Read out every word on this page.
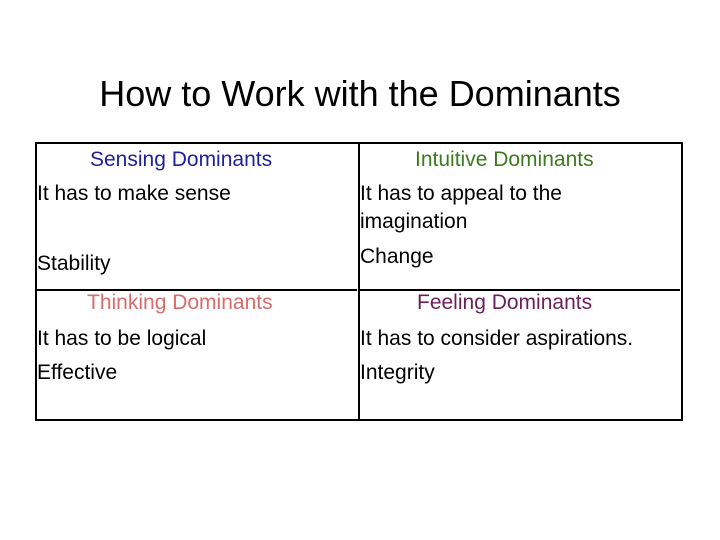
How to Work with the Dominants
Sensing Dominants
It has to make sense
Stability
Intuitive Dominants
It has to appeal to the
imagination
Change
Thinking Dominants
It has to be logical
Effective
Feeling Dominants
It has to consider aspirations.
Integrity
